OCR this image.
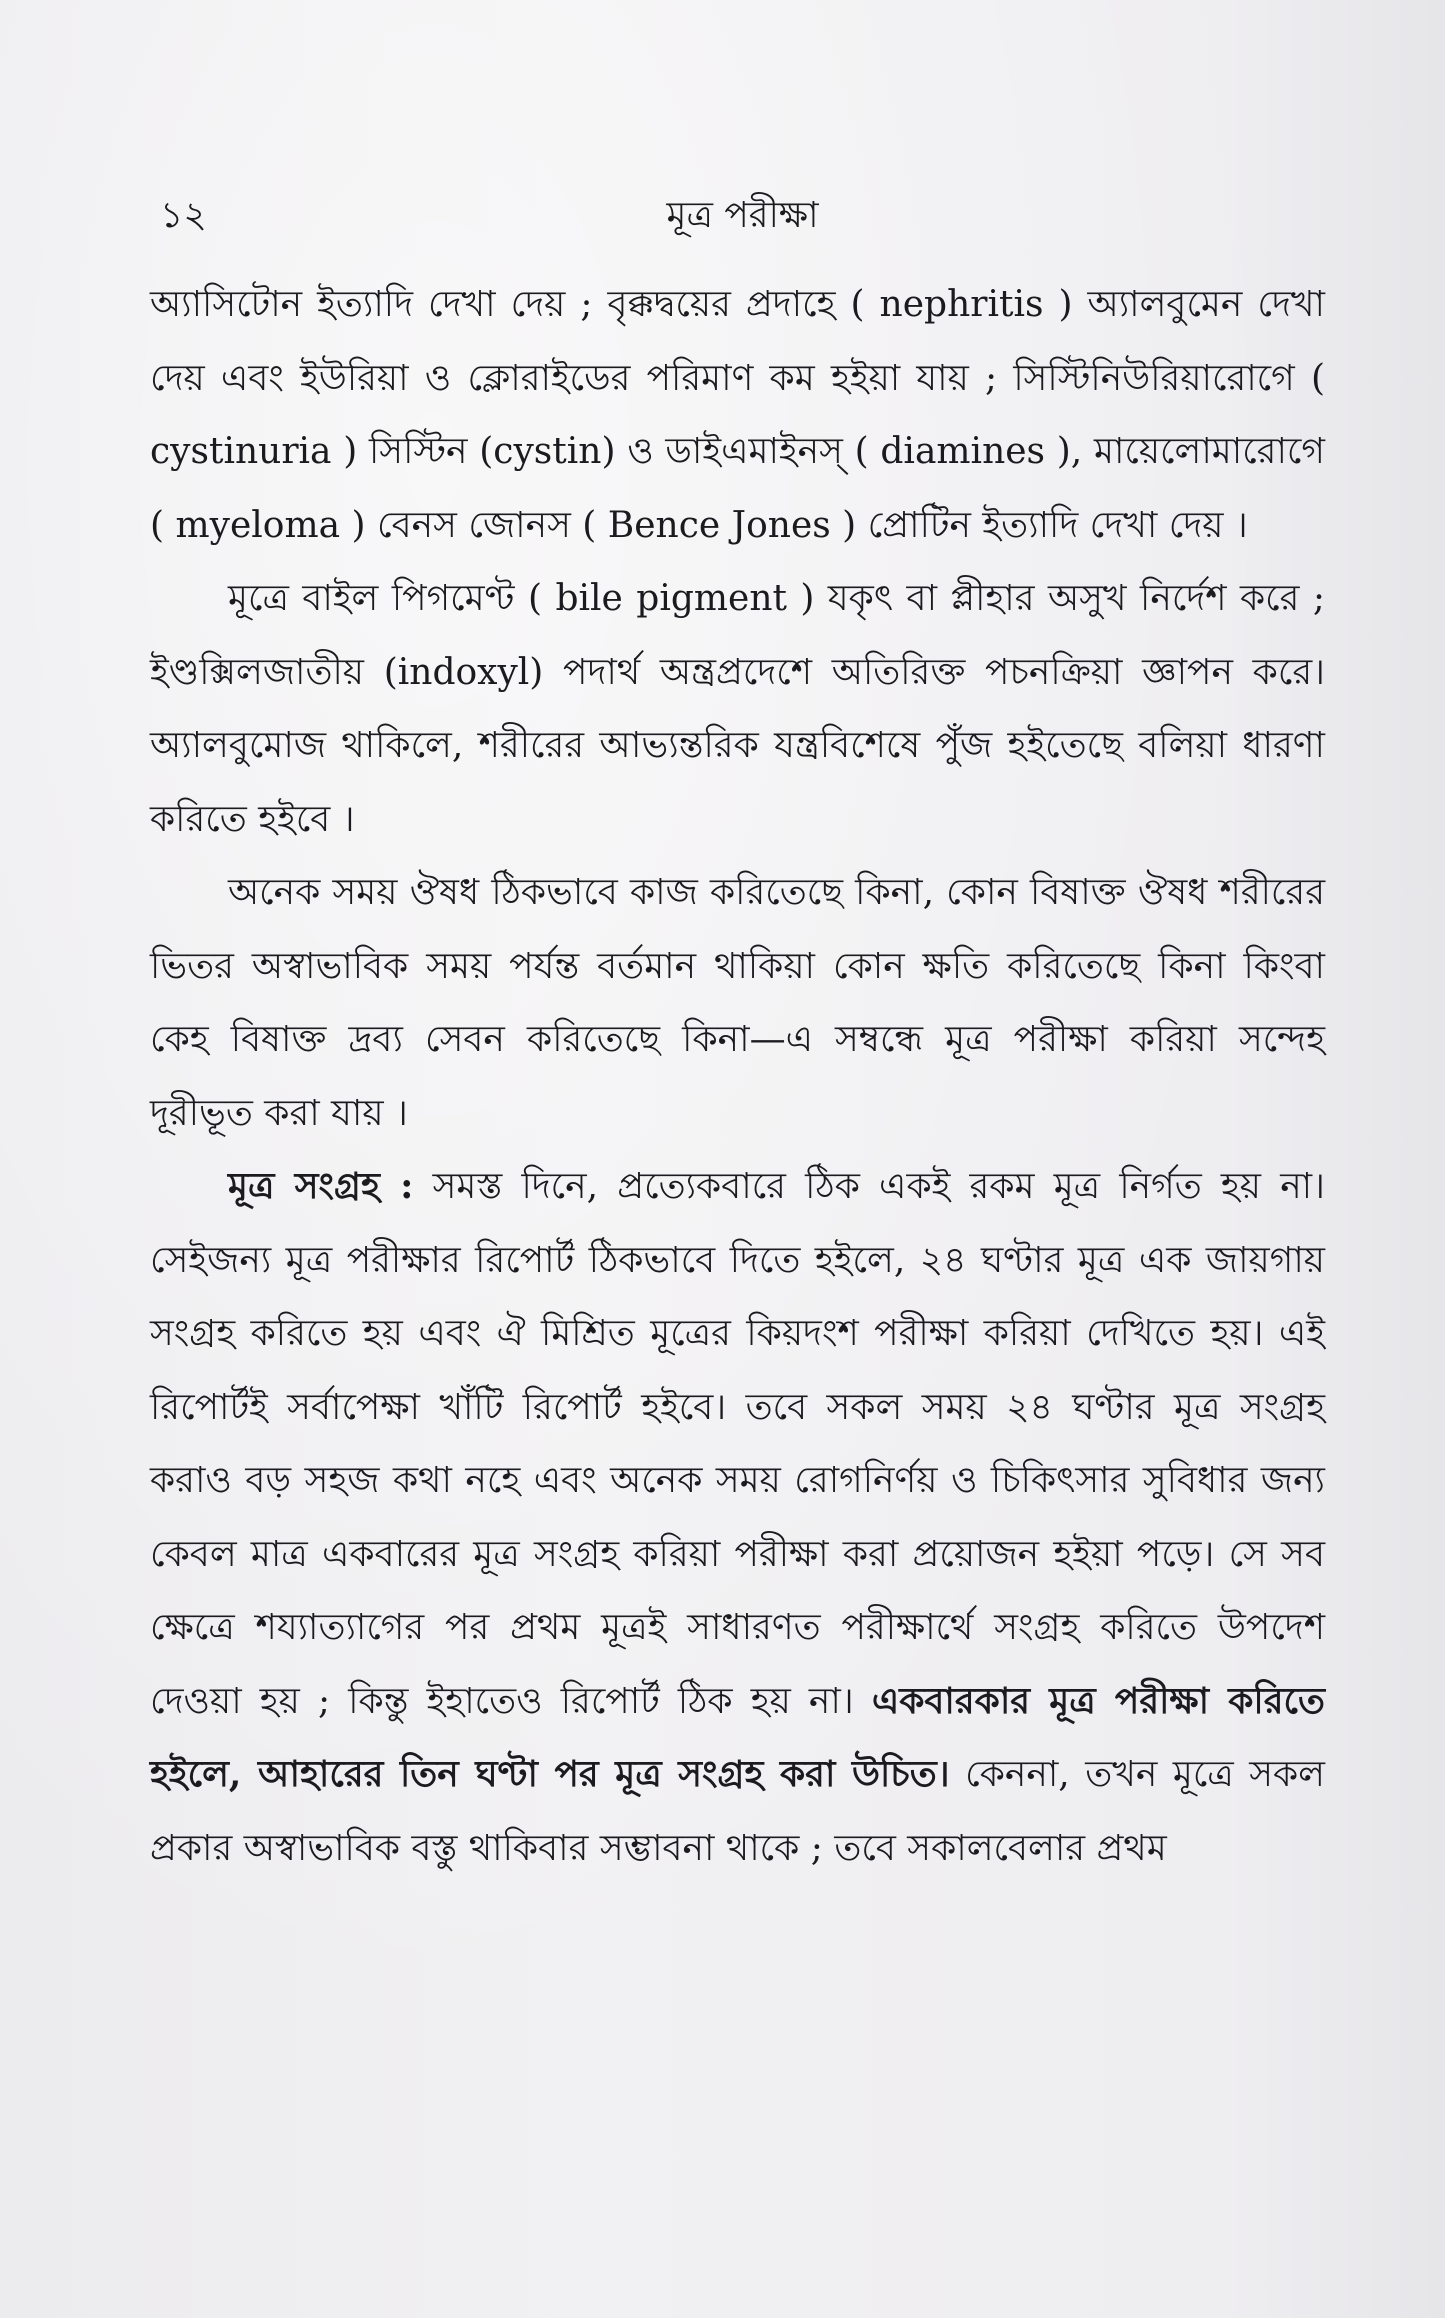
১২	মূত্র পরীক্ষা

অ্যাসিটোন ইত্যাদি দেখা দেয় ; বৃক্কদ্বয়ের প্রদাহে ( nephritis ) অ্যালবুমেন দেখা দেয় এবং ইউরিয়া ও ক্লোরাইডের পরিমাণ কম হইয়া যায় ; সিস্টিনিউরিয়ারোগে ( cystinuria ) সিস্টিন (cystin) ও ডাইএমাইনস্ ( diamines ), মায়েলোমারোগে ( myeloma ) বেনস জোনস ( Bence Jones ) প্রোটিন ইত্যাদি দেখা দেয় ।

মূত্রে বাইল পিগমেণ্ট ( bile pigment ) যকৃৎ বা প্লীহার অসুখ নির্দেশ করে ; ইণ্ডক্সিলজাতীয় (indoxyl) পদার্থ অন্ত্রপ্রদেশে অতিরিক্ত পচনক্রিয়া জ্ঞাপন করে। অ্যালবুমোজ থাকিলে, শরীরের আভ্যন্তরিক যন্ত্রবিশেষে পুঁজ হইতেছে বলিয়া ধারণা করিতে হইবে ।

অনেক সময় ঔষধ ঠিকভাবে কাজ করিতেছে কিনা, কোন বিষাক্ত ঔষধ শরীরের ভিতর অস্বাভাবিক সময় পর্যন্ত বর্তমান থাকিয়া কোন ক্ষতি করিতেছে কিনা কিংবা কেহ বিষাক্ত দ্রব্য সেবন করিতেছে কিনা—এ সম্বন্ধে মূত্র পরীক্ষা করিয়া সন্দেহ দূরীভূত করা যায় ।

মূত্র সংগ্রহ : সমস্ত দিনে, প্রত্যেকবারে ঠিক একই রকম মূত্র নির্গত হয় না। সেইজন্য মূত্র পরীক্ষার রিপোর্ট ঠিকভাবে দিতে হইলে, ২৪ ঘণ্টার মূত্র এক জায়গায় সংগ্রহ করিতে হয় এবং ঐ মিশ্রিত মূত্রের কিয়দংশ পরীক্ষা করিয়া দেখিতে হয়। এই রিপোর্টই সর্বাপেক্ষা খাঁটি রিপোর্ট হইবে। তবে সকল সময় ২৪ ঘণ্টার মূত্র সংগ্রহ করাও বড় সহজ কথা নহে এবং অনেক সময় রোগনির্ণয় ও চিকিৎসার সুবিধার জন্য কেবল মাত্র একবারের মূত্র সংগ্রহ করিয়া পরীক্ষা করা প্রয়োজন হইয়া পড়ে। সে সব ক্ষেত্রে শয্যাত্যাগের পর প্রথম মূত্রই সাধারণত পরীক্ষার্থে সংগ্রহ করিতে উপদেশ দেওয়া হয় ; কিন্তু ইহাতেও রিপোর্ট ঠিক হয় না। একবারকার মূত্র পরীক্ষা করিতে হইলে, আহারের তিন ঘণ্টা পর মূত্র সংগ্রহ করা উচিত। কেননা, তখন মূত্রে সকল প্রকার অস্বাভাবিক বস্তু থাকিবার সম্ভাবনা থাকে ; তবে সকালবেলার প্রথম
